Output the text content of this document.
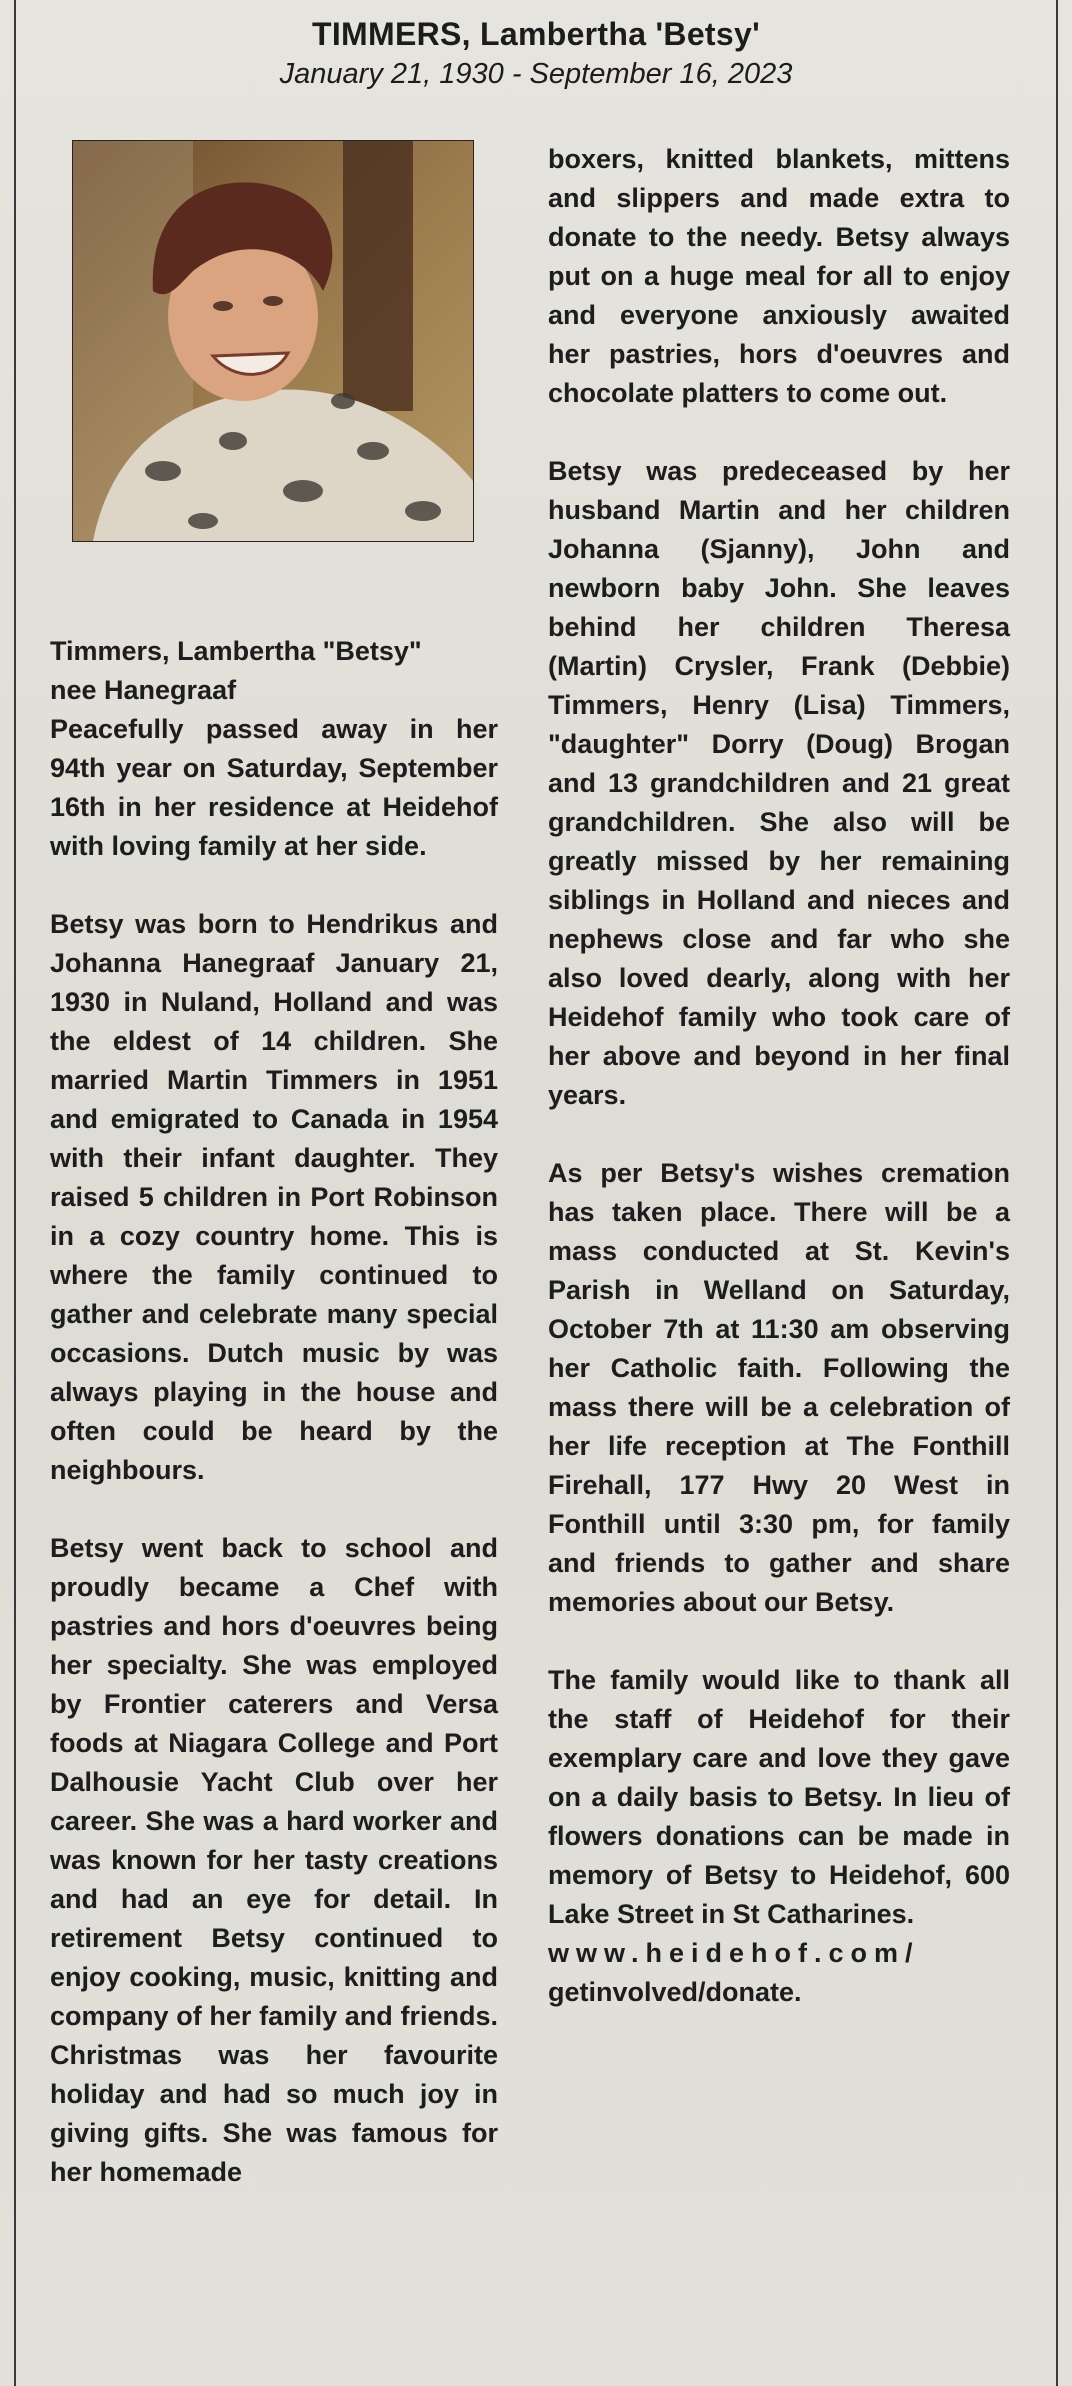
TIMMERS, Lambertha 'Betsy'
January 21, 1930 - September 16, 2023

Timmers, Lambertha "Betsy"

nee Hanegraaf

Peacefully passed away in her 94th year on Saturday, September 16th in her residence at Heidehof with loving family at her side.

Betsy was born to Hendrikus and Johanna Hanegraaf January 21, 1930 in Nuland, Holland and was the eldest of 14 children. She married Martin Timmers in 1951 and emigrated to Canada in 1954 with their infant daughter. They raised 5 children in Port Robinson in a cozy country home. This is where the family continued to gather and celebrate many special occasions. Dutch music by was always playing in the house and often could be heard by the neighbours.

Betsy went back to school and proudly became a Chef with pastries and hors d'oeuvres being her specialty. She was employed by Frontier caterers and Versa foods at Niagara College and Port Dalhousie Yacht Club over her career. She was a hard worker and was known for her tasty creations and had an eye for detail. In retirement Betsy continued to enjoy cooking, music, knitting and company of her family and friends. Christmas was her favourite holiday and had so much joy in giving gifts. She was famous for her homemade

boxers, knitted blankets, mittens and slippers and made extra to donate to the needy. Betsy always put on a huge meal for all to enjoy and everyone anxiously awaited her pastries, hors d'oeuvres and chocolate platters to come out.

Betsy was predeceased by her husband Martin and her children Johanna (Sjanny), John and newborn baby John. She leaves behind her children Theresa (Martin) Crysler, Frank (Debbie) Timmers, Henry (Lisa) Timmers, "daughter" Dorry (Doug) Brogan and 13 grandchildren and 21 great grandchildren. She also will be greatly missed by her remaining siblings in Holland and nieces and nephews close and far who she also loved dearly, along with her Heidehof family who took care of her above and beyond in her final years.

As per Betsy's wishes cremation has taken place. There will be a mass conducted at St. Kevin's Parish in Welland on Saturday, October 7th at 11:30 am observing her Catholic faith. Following the mass there will be a celebration of her life reception at The Fonthill Firehall, 177 Hwy 20 West in Fonthill until 3:30 pm, for family and friends to gather and share memories about our Betsy.

The family would like to thank all the staff of Heidehof for their exemplary care and love they gave on a daily basis to Betsy. In lieu of flowers donations can be made in memory of Betsy to Heidehof, 600 Lake Street in St Catharines.

www.heidehof.com/

getinvolved/donate.
